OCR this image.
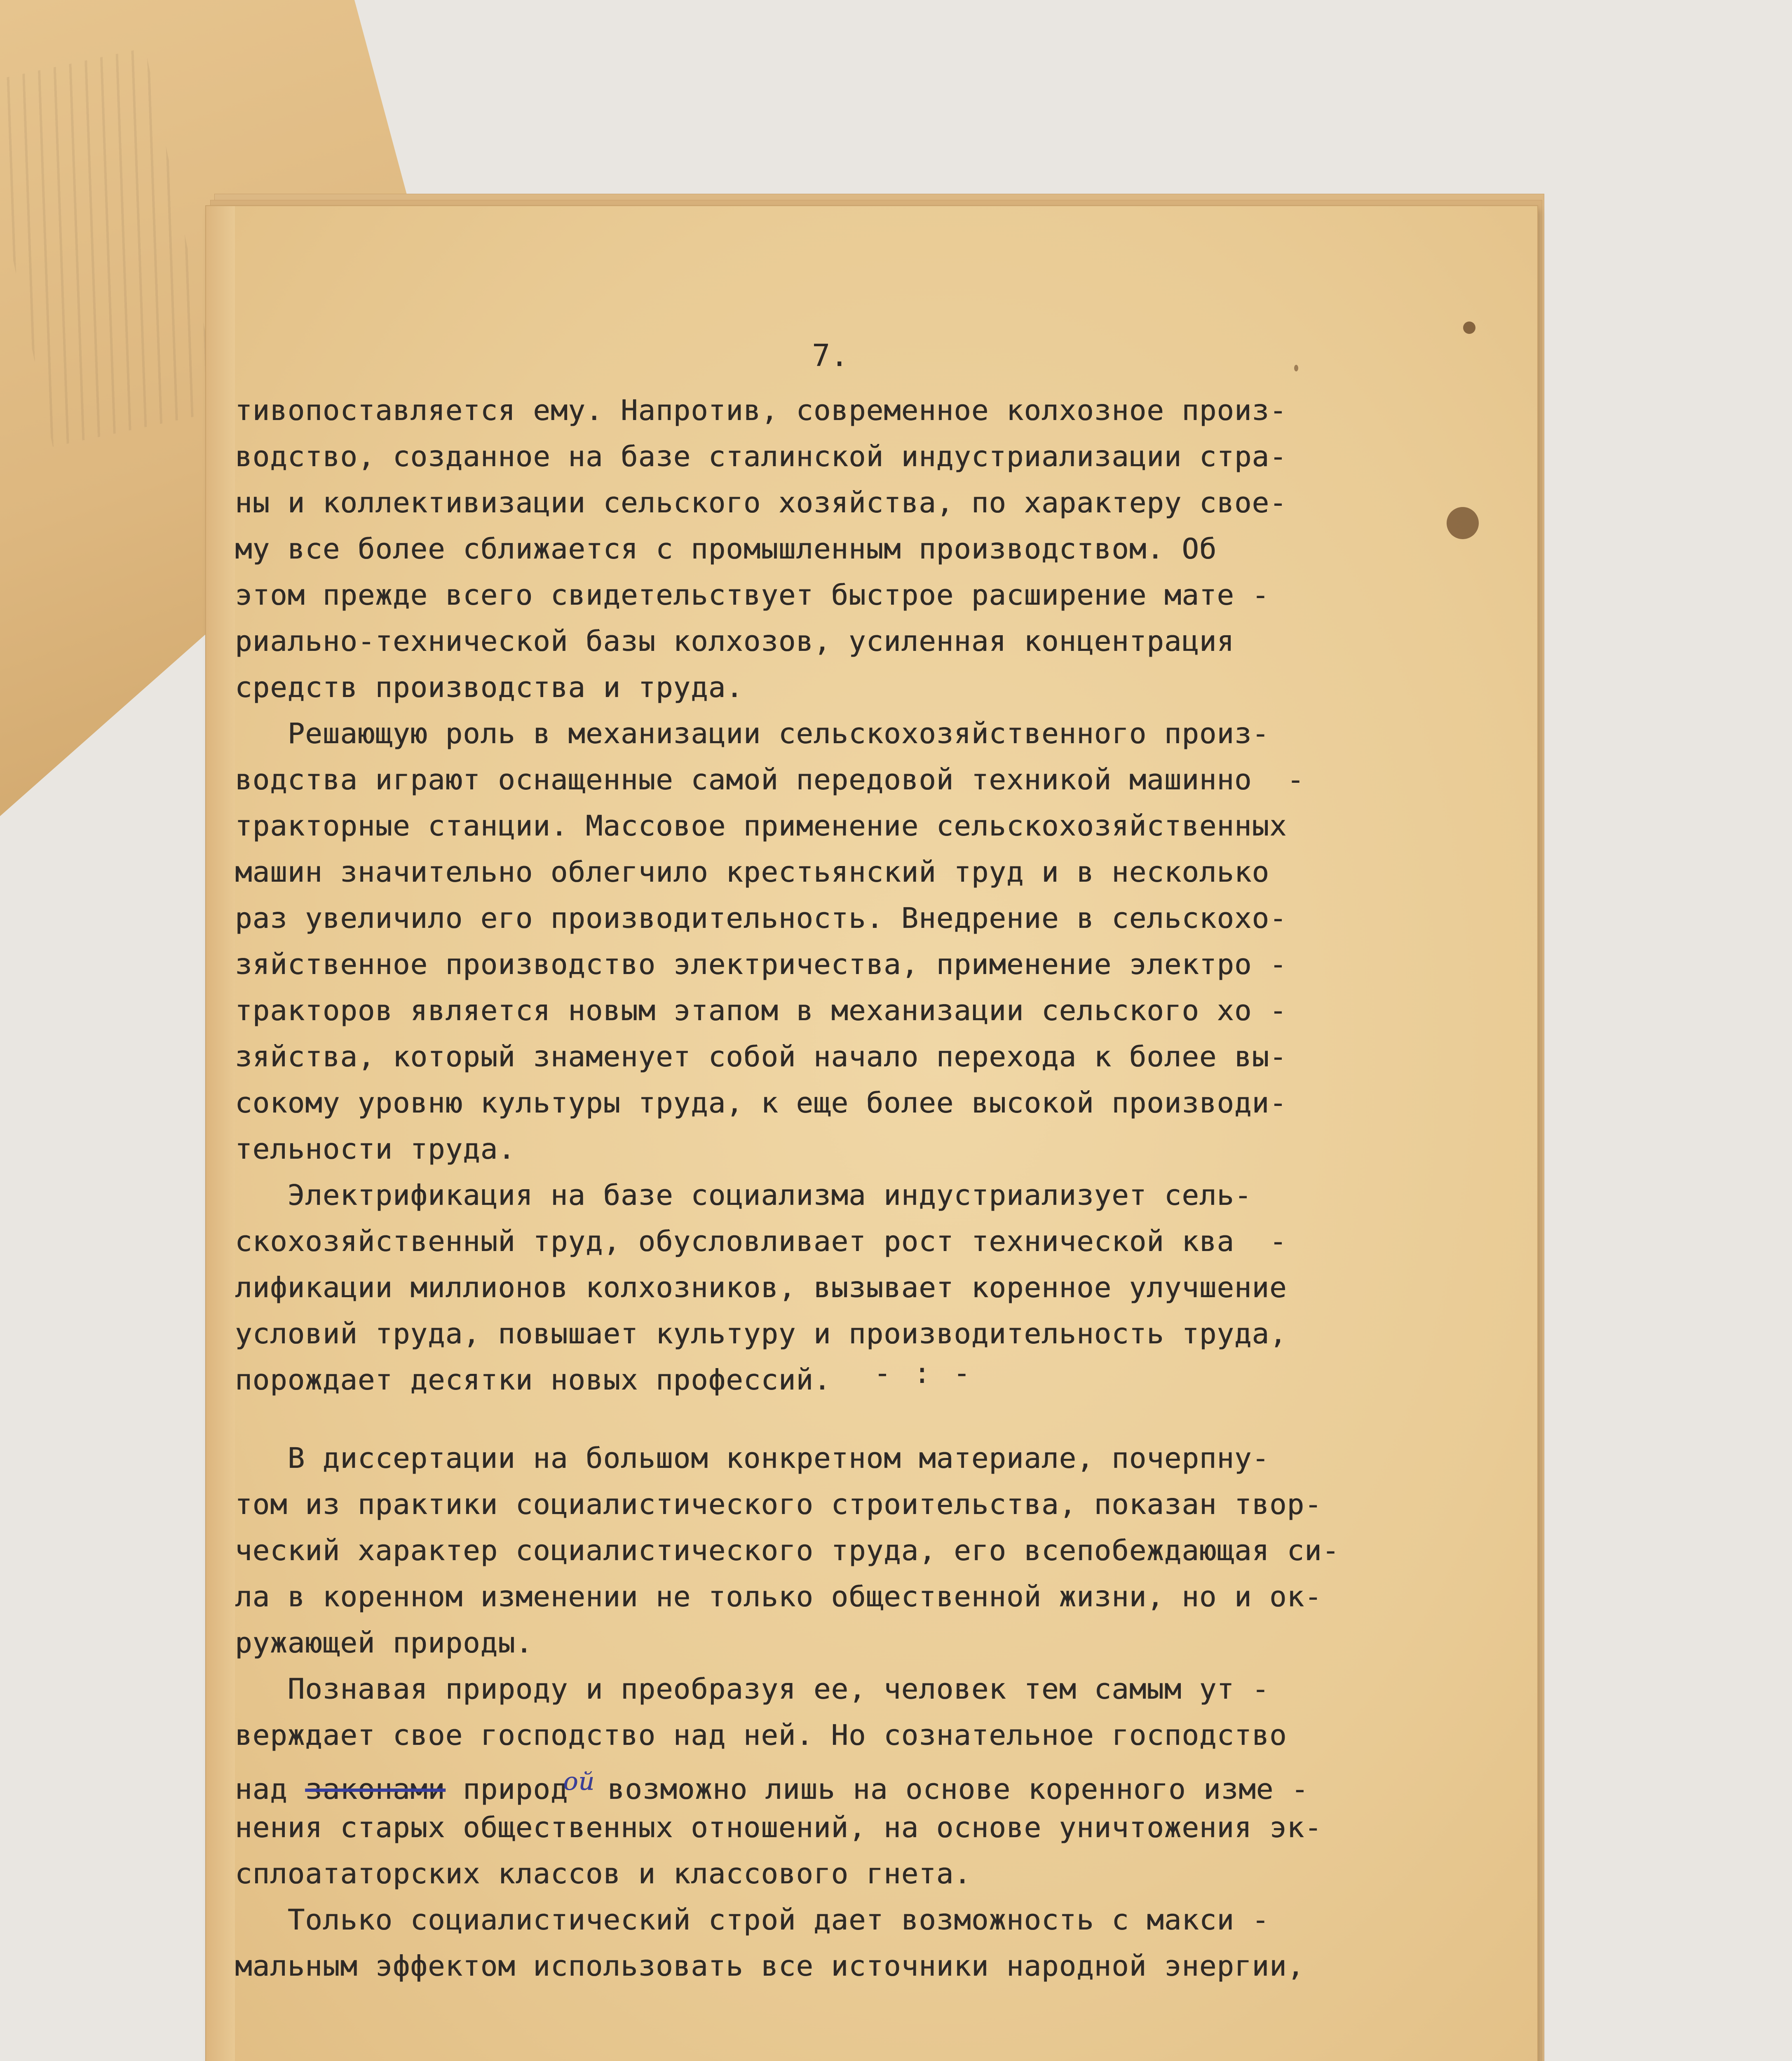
7.
тивопоставляется ему. Напротив, современное колхозное произ-
водство, созданное на базе сталинской индустриализации стра-
ны и коллективизации сельского хозяйства, по характеру свое-
му все более сближается с промышленным производством. Об
этом прежде всего свидетельствует быстрое расширение мате -
риально-технической базы колхозов, усиленная концентрация
средств производства и труда.
Решающую роль в механизации сельскохозяйственного произ-
водства играют оснащенные самой передовой техникой машинно  -
тракторные станции. Массовое применение сельскохозяйственных
машин значительно облегчило крестьянский труд и в несколько
раз увеличило его производительность. Внедрение в сельскохо-
зяйственное производство электричества, применение электро -
тракторов является новым этапом в механизации сельского хо -
зяйства, который знаменует собой начало перехода к более вы-
сокому уровню культуры труда, к еще более высокой производи-
тельности труда.
Электрификация на базе социализма индустриализует сель-
скохозяйственный труд, обусловливает рост технической ква  -
лификации миллионов колхозников, вызывает коренное улучшение
условий труда, повышает культуру и производительность труда,
порождает десятки новых профессий.	- : -
В диссертации на большом конкретном материале, почерпну-
том из практики социалистического строительства, показан твор-
ческий характер социалистического труда, его всепобеждающая си-
ла в коренном изменении не только общественной жизни, но и ок-
ружающей природы.
Познавая природу и преобразуя ее, человек тем самым ут -
верждает свое господство над ней. Но сознательное господство
над законами природой возможно лишь на основе коренного изме -
нения старых общественных отношений, на основе уничтожения эк-
сплоататорских классов и классового гнета.
Только социалистический строй дает возможность с макси -
мальным эффектом использовать все источники народной энергии,
